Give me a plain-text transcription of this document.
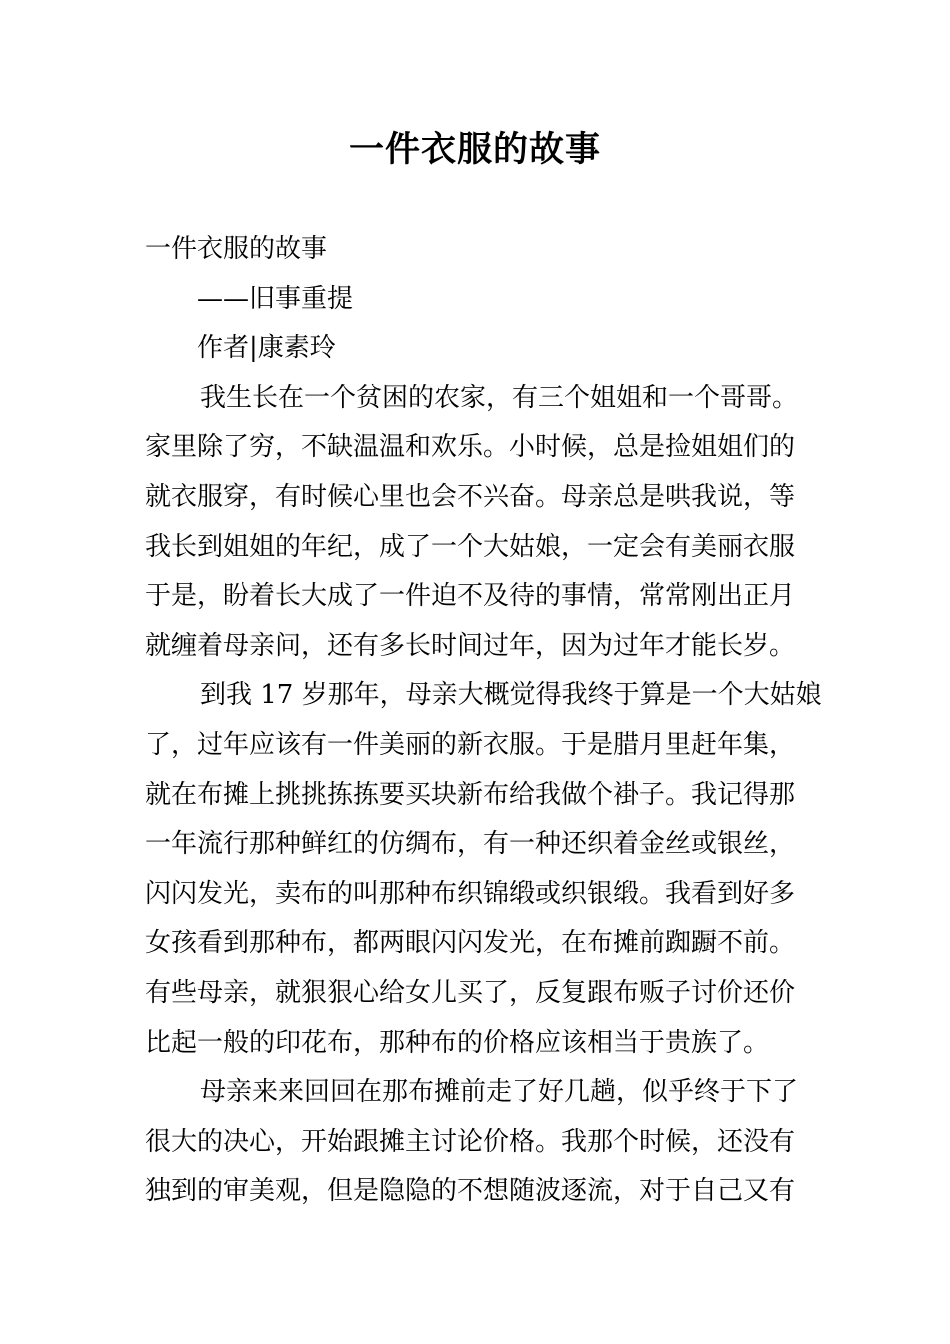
一件衣服的故事
一件衣服的故事
——旧事重提
作者|康素玲
我生长在一个贫困的农家，有三个姐姐和一个哥哥。
家里除了穷，不缺温温和欢乐。小时候，总是捡姐姐们的
就衣服穿，有时候心里也会不兴奋。母亲总是哄我说，等
我长到姐姐的年纪，成了一个大姑娘，一定会有美丽衣服
于是，盼着长大成了一件迫不及待的事情，常常刚出正月
就缠着母亲问，还有多长时间过年，因为过年才能长岁。
到我 17 岁那年，母亲大概觉得我终于算是一个大姑娘
了，过年应该有一件美丽的新衣服。于是腊月里赶年集，
就在布摊上挑挑拣拣要买块新布给我做个褂子。我记得那
一年流行那种鲜红的仿绸布，有一种还织着金丝或银丝，
闪闪发光，卖布的叫那种布织锦缎或织银缎。我看到好多
女孩看到那种布，都两眼闪闪发光，在布摊前踟蹰不前。
有些母亲，就狠狠心给女儿买了，反复跟布贩子讨价还价
比起一般的印花布，那种布的价格应该相当于贵族了。
母亲来来回回在那布摊前走了好几趟，似乎终于下了
很大的决心，开始跟摊主讨论价格。我那个时候，还没有
独到的审美观，但是隐隐的不想随波逐流，对于自己又有
